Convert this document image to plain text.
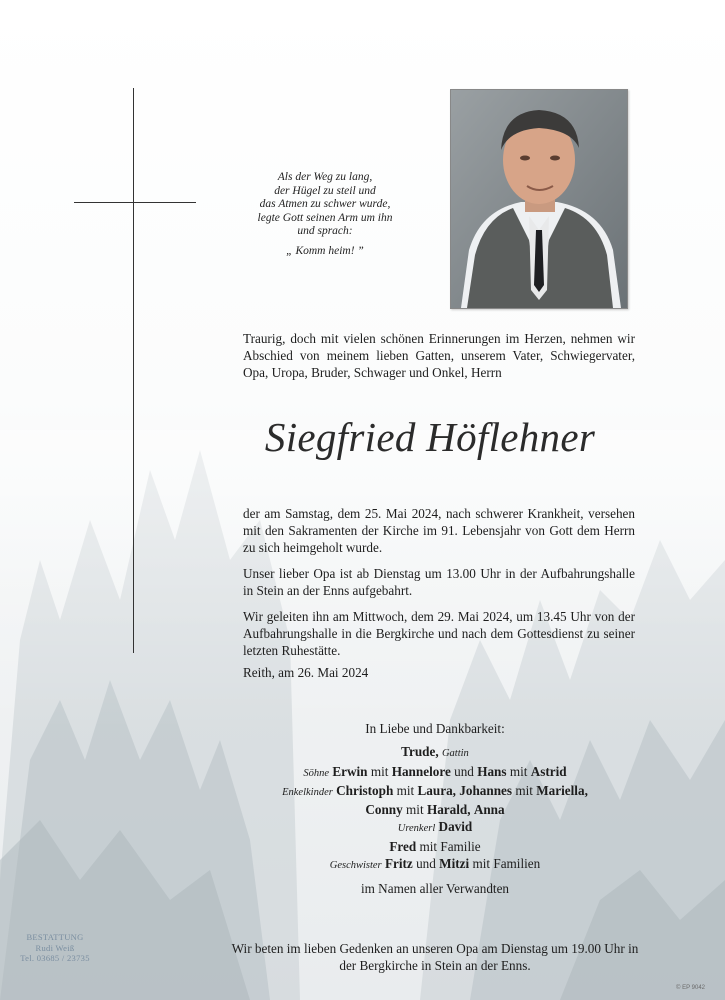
Als der Weg zu lang,
der Hügel zu steil und
das Atmen zu schwer wurde,
legte Gott seinen Arm um ihn
und sprach:
„ Komm heim! ”
Traurig, doch mit vielen schönen Erinnerungen im Herzen, nehmen wir Abschied von meinem lieben Gatten, unserem Vater, Schwiegervater, Opa, Uropa, Bruder, Schwager und Onkel, Herrn
Siegfried Höflehner
der am Samstag, dem 25. Mai 2024, nach schwerer Krankheit, versehen mit den Sakramenten der Kirche im 91. Lebensjahr von Gott dem Herrn zu sich heimgeholt wurde.
Unser lieber Opa ist ab Dienstag um 13.00 Uhr in der Aufbahrungshalle in Stein an der Enns aufgebahrt.
Wir geleiten ihn am Mittwoch, dem 29. Mai 2024, um 13.45 Uhr von der Aufbahrungshalle in die Bergkirche und nach dem Gottesdienst zu seiner letzten Ruhestätte.
Reith, am 26. Mai 2024
In Liebe und Dankbarkeit:
Trude, Gattin
Söhne Erwin mit Hannelore und Hans mit Astrid
Enkelkinder Christoph mit Laura, Johannes mit Mariella,
Conny mit Harald, Anna
Urenkerl David
Fred mit Familie
Geschwister Fritz und Mitzi mit Familien
im Namen aller Verwandten
Wir beten im lieben Gedenken an unseren Opa am Dienstag um 19.00 Uhr in der Bergkirche in Stein an der Enns.
BESTATTUNG
Rudi Weiß
Tel. 03685 / 23735
© EP 9042
